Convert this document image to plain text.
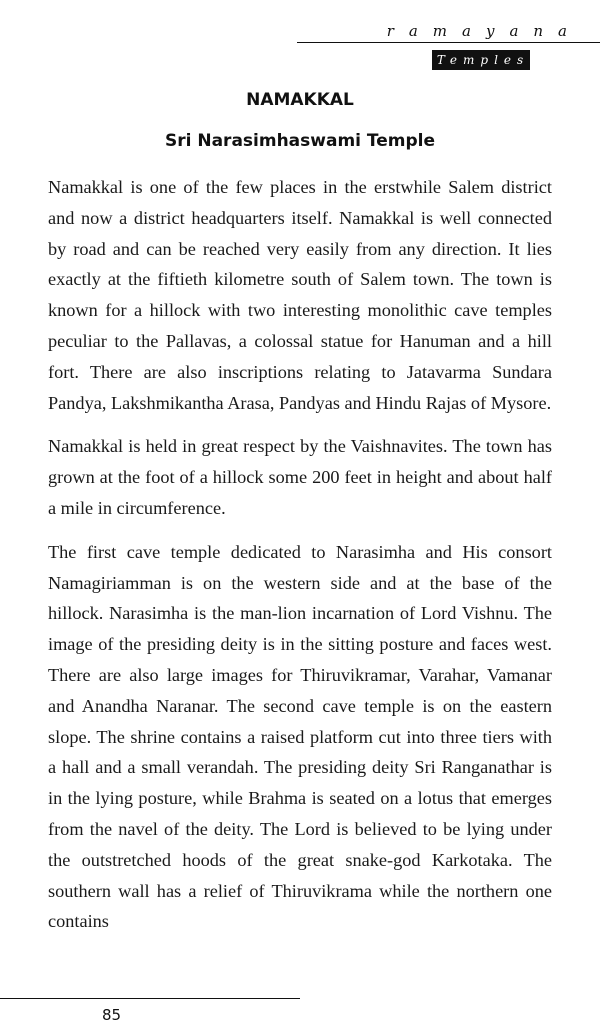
ramayana

Temples
NAMAKKAL
Sri Narasimhaswami Temple

Namakkal is one of the few places in the erstwhile Salem district and now a district headquarters itself. Namakkal is well connected by road and can be reached very easily from any direction. It lies exactly at the fiftieth kilometre south of Salem town. The town is known for a hillock with two interesting monolithic cave temples peculiar to the Pallavas, a colossal statue for Hanuman and a hill fort. There are also inscriptions relating to Jatavarma Sundara Pandya, Lakshmikantha Arasa, Pandyas and Hindu Rajas of Mysore.

Namakkal is held in great respect by the Vaishnavites. The town has grown at the foot of a hillock some 200 feet in height and about half a mile in circumference.

The first cave temple dedicated to Narasimha and His consort Namagiriamman is on the western side and at the base of the hillock. Narasimha is the man-lion incarnation of Lord Vishnu. The image of the presiding deity is in the sitting posture and faces west. There are also large images for Thiruvikramar, Varahar, Vamanar and Anandha Naranar. The second cave temple is on the eastern slope. The shrine contains a raised platform cut into three tiers with a hall and a small verandah. The presiding deity Sri Ranganathar is in the lying posture, while Brahma is seated on a lotus that emerges from the navel of the deity. The Lord is believed to be lying under the outstretched hoods of the great snake-god Karkotaka. The southern wall has a relief of Thiruvikrama while the northern one contains

85
